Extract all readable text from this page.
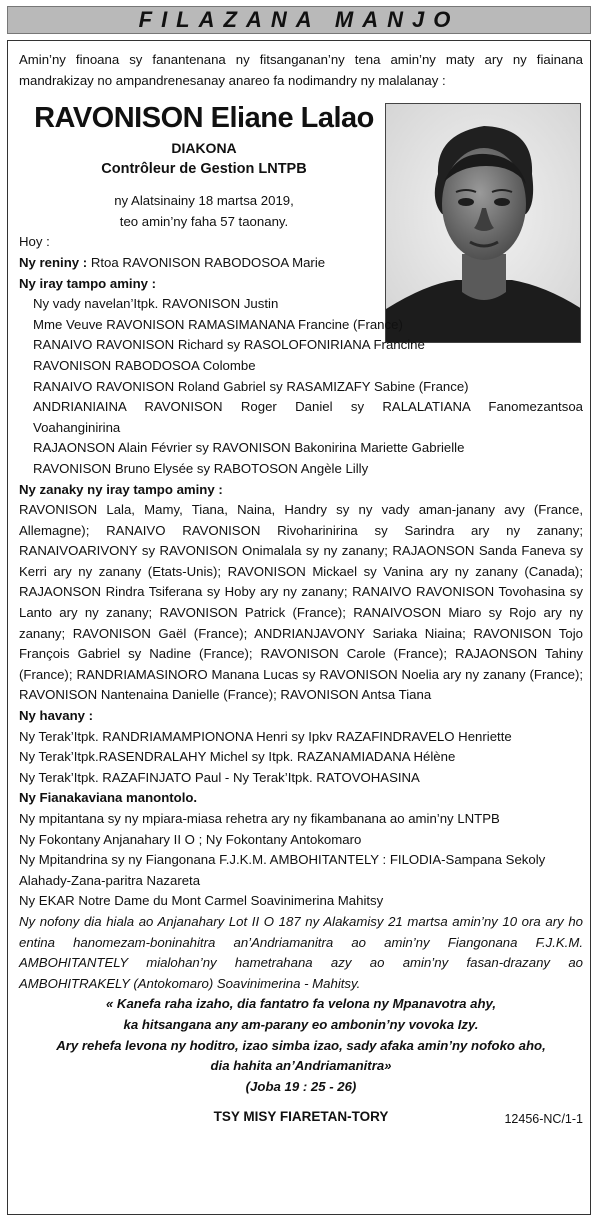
FILAZANA MANJO

Amin’ny finoana sy fanantenana ny fitsanganan’ny tena amin’ny maty ary ny fiainana mandrakizay no ampandrenesanay anareo fa nodimandry ny malalanay :

RAVONISON Eliane Lalao
DIAKONA
Contrôleur de Gestion LNTPB
ny Alatsinainy 18 martsa 2019,
teo amin’ny faha 57 taonany.

Hoy :

Ny reniny : Rtoa RAVONISON RABODOSOA Marie

Ny iray tampo aminy :

Ny vady navelan’Itpk. RAVONISON Justin

Mme Veuve RAVONISON RAMASIMANANA Francine (France)

RANAIVO RAVONISON Richard sy RASOLOFONIRIANA Francine

RAVONISON RABODOSOA Colombe

RANAIVO RAVONISON Roland Gabriel sy RASAMIZAFY Sabine (France)

ANDRIANIAINA RAVONISON Roger Daniel sy RALALATIANA Fanomezantsoa Voahanginirina

RAJAONSON Alain Février sy RAVONISON Bakonirina Mariette Gabrielle

RAVONISON Bruno Elysée sy RABOTOSON Angèle Lilly

Ny zanaky ny iray tampo aminy :

RAVONISON Lala, Mamy, Tiana, Naina, Handry sy ny vady aman-janany avy (France, Allemagne); RANAIVO RAVONISON Rivoharinirina sy Sarindra ary ny zanany; RANAIVOARIVONY sy RAVONISON Onimalala sy ny zanany; RAJAONSON Sanda Faneva sy Kerri ary ny zanany (Etats-Unis); RAVONISON Mickael sy Vanina ary ny zanany (Canada); RAJAONSON Rindra Tsiferana sy Hoby ary ny zanany; RANAIVO RAVONISON Tovohasina sy Lanto ary ny zanany; RAVONISON Patrick (France); RANAIVOSON Miaro sy Rojo ary ny zanany; RAVONISON Gaël (France); ANDRIANJAVONY Sariaka Niaina; RAVONISON Tojo François Gabriel sy Nadine (France); RAVONISON Carole (France); RAJAONSON Tahiny (France); RANDRIAMASINORO Manana Lucas sy RAVONISON Noelia ary ny zanany (France); RAVONISON Nantenaina Danielle (France); RAVONISON Antsa Tiana

Ny havany :

Ny Terak’Itpk. RANDRIAMAMPIONONA Henri sy Ipkv RAZAFINDRAVELO Henriette

Ny Terak’Itpk.RASENDRALAHY Michel sy Itpk. RAZANAMIADANA Hélène

Ny Terak’Itpk. RAZAFINJATO Paul - Ny Terak’Itpk. RATOVOHASINA

Ny Fianakaviana manontolo.

Ny mpitantana sy ny mpiara-miasa rehetra ary ny fikambanana ao amin’ny LNTPB

Ny Fokontany Anjanahary II O ; Ny Fokontany Antokomaro

Ny Mpitandrina sy ny Fiangonana F.J.K.M. AMBOHITANTELY : FILODIA-Sampana Sekoly Alahady-Zana-paritra Nazareta

Ny EKAR Notre Dame du Mont Carmel Soavinimerina Mahitsy

Ny nofony dia hiala ao Anjanahary Lot II O 187 ny Alakamisy 21 martsa amin’ny 10 ora ary ho entina hanomezam-boninahitra an’Andriamanitra ao amin’ny Fiangonana F.J.K.M. AMBOHITANTELY mialohan’ny hametrahana azy ao amin’ny fasan-drazany ao AMBOHITRAKELY (Antokomaro) Soavinimerina - Mahitsy.

« Kanefa raha izaho, dia fantatro fa velona ny Mpanavotra ahy,

ka hitsangana any am-parany eo ambonin’ny vovoka Izy.

Ary rehefa levona ny hoditro, izao simba izao, sady afaka amin’ny nofoko aho,

dia hahita an’Andriamanitra»

(Joba 19 : 25 - 26)

TSY MISY FIARETAN-TORY	12456-NC/1-1
